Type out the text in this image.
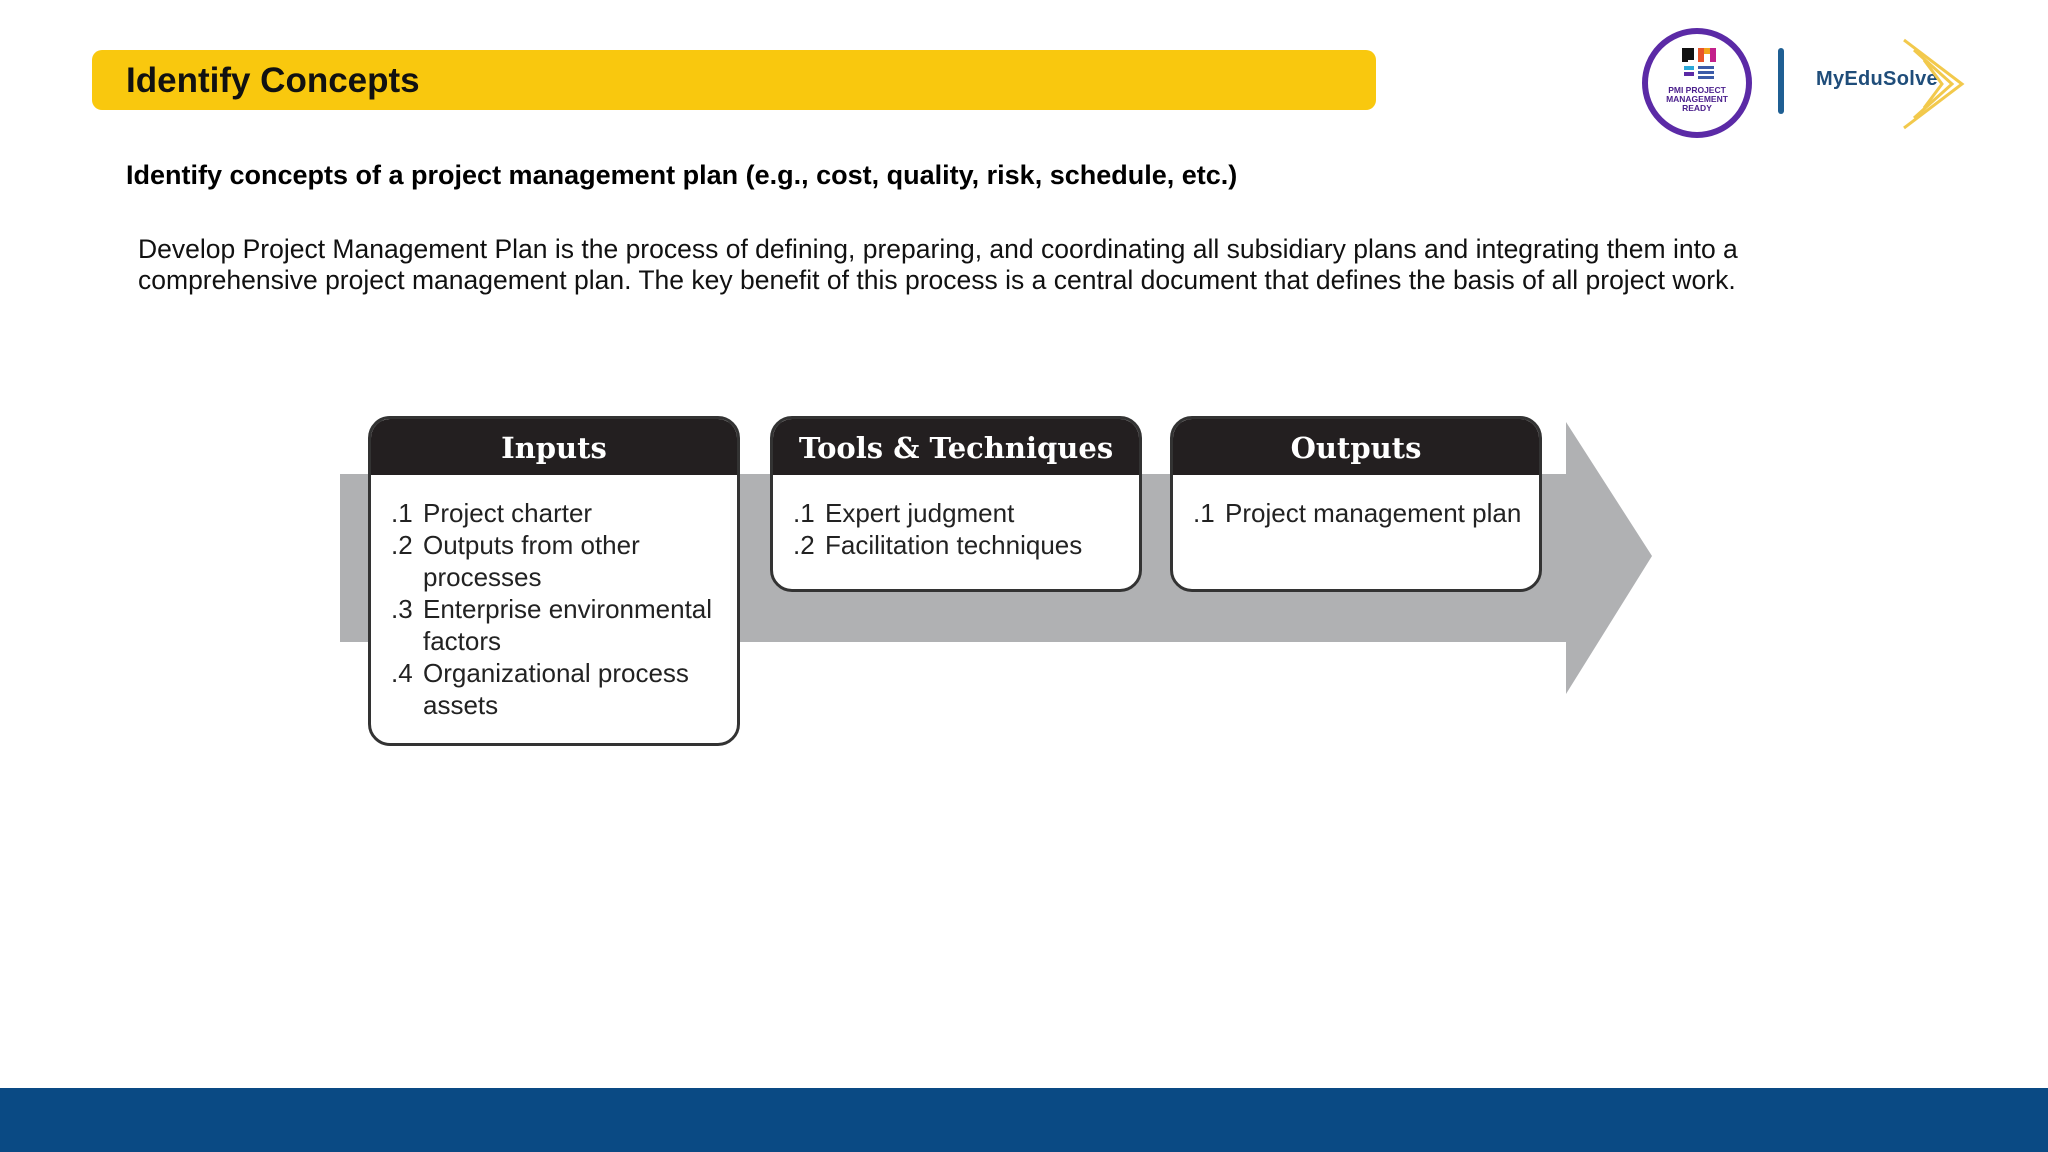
Identify Concepts	PMI PROJECT
MANAGEMENT
READY
MyEduSolve
Identify concepts of a project management plan (e.g., cost, quality, risk, schedule, etc.)
Develop Project Management Plan is the process of defining, preparing, and coordinating all subsidiary plans and integrating them into a comprehensive project management plan. The key benefit of this process is a central document that defines the basis of all project work.
Inputs
.1 Project charter
.2 Outputs from other processes
.3 Enterprise environmental factors
.4 Organizational process assets
Tools & Techniques
.1 Expert judgment
.2 Facilitation techniques
Outputs
.1 Project management plan
